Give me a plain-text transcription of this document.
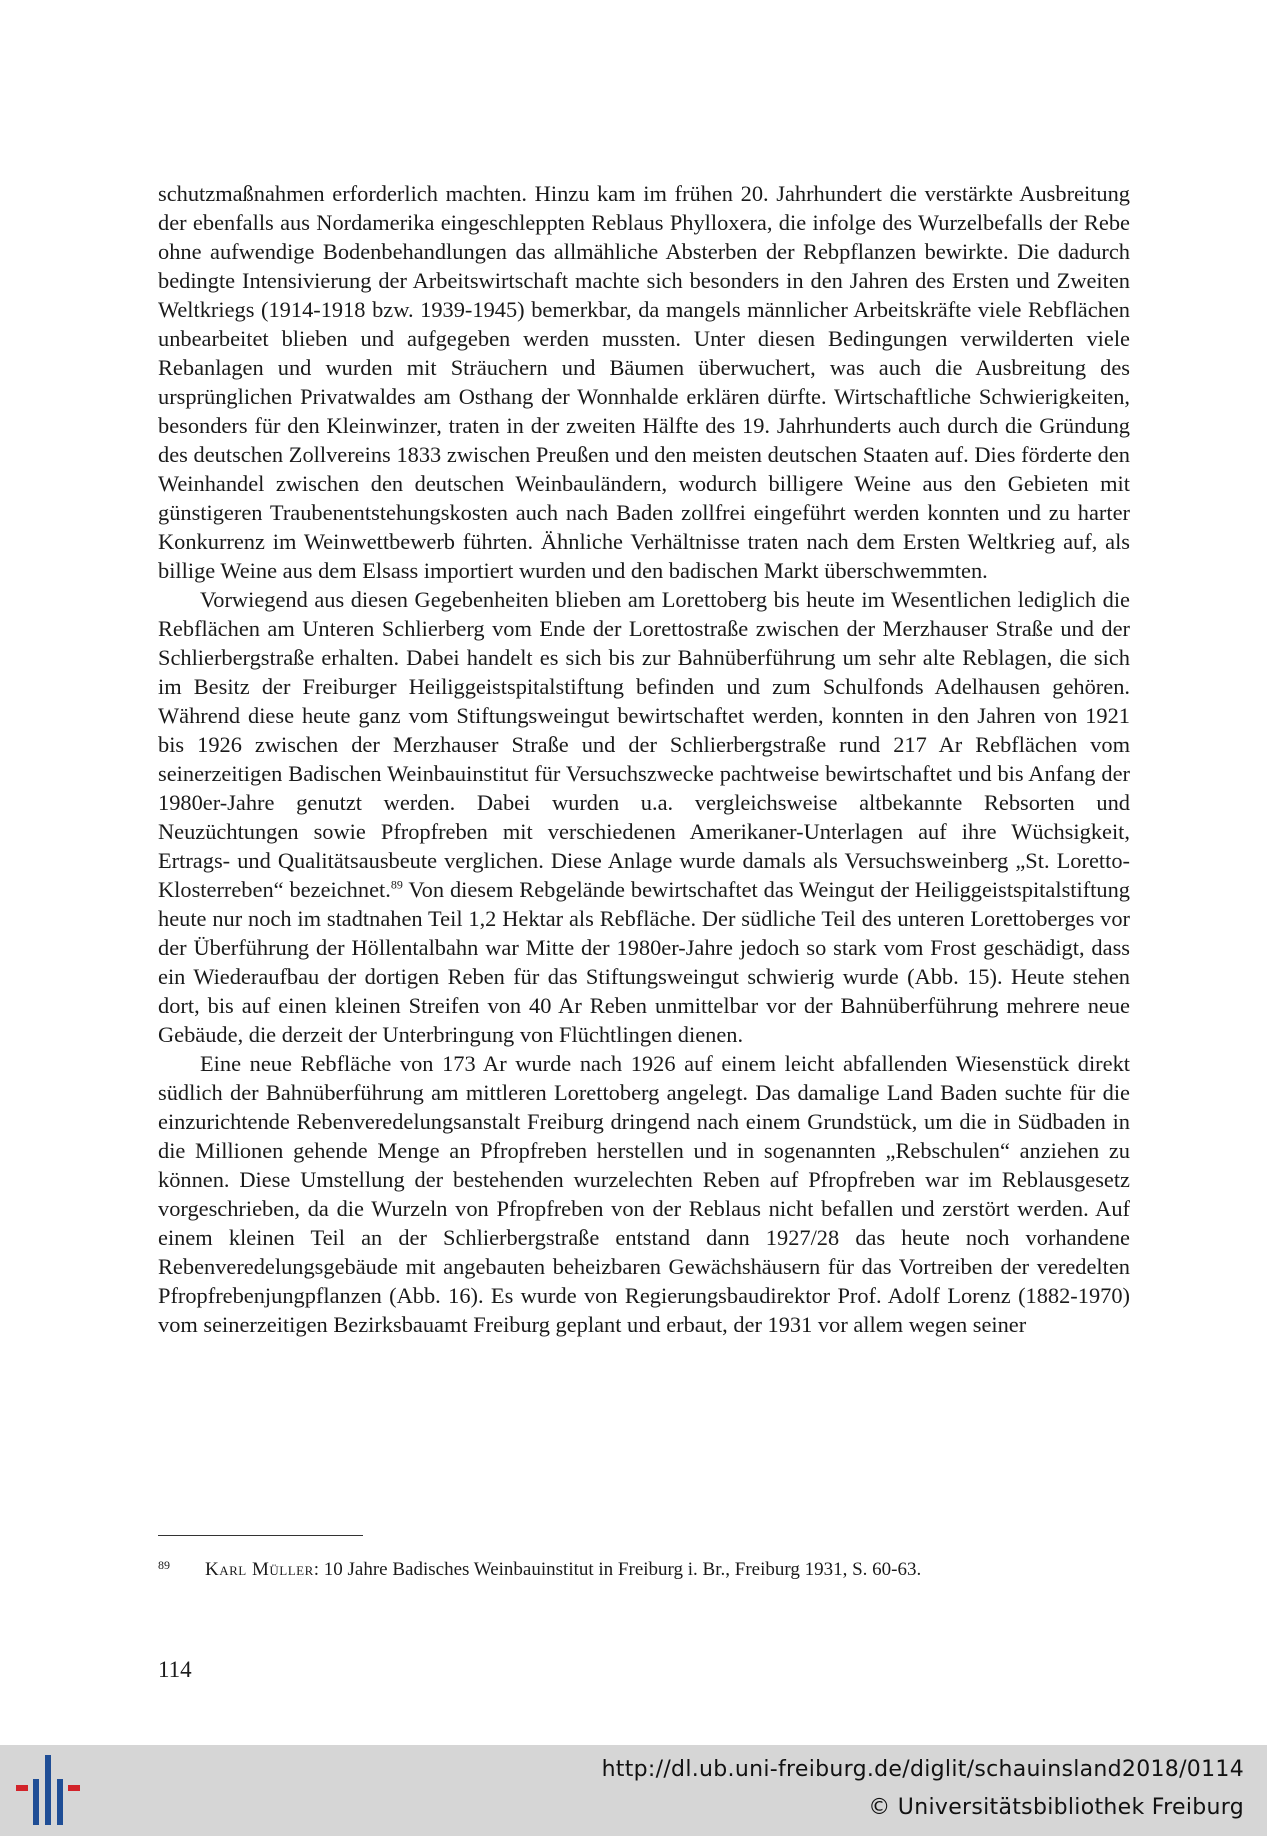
schutzmaßnahmen erforderlich machten. Hinzu kam im frühen 20. Jahrhundert die verstärkte Ausbreitung der ebenfalls aus Nordamerika eingeschleppten Reblaus Phylloxera, die infolge des Wurzelbefalls der Rebe ohne aufwendige Bodenbehandlungen das allmähliche Absterben der Rebpflanzen bewirkte. Die dadurch bedingte Intensivierung der Arbeitswirtschaft machte sich besonders in den Jahren des Ersten und Zweiten Weltkriegs (1914-1918 bzw. 1939-1945) bemerkbar, da mangels männlicher Arbeitskräfte viele Rebflächen unbearbeitet blieben und aufgegeben werden mussten. Unter diesen Bedingungen verwilderten viele Rebanlagen und wurden mit Sträuchern und Bäumen überwuchert, was auch die Ausbreitung des ursprünglichen Privatwaldes am Osthang der Wonnhalde erklären dürfte. Wirtschaftliche Schwierigkeiten, besonders für den Kleinwinzer, traten in der zweiten Hälfte des 19. Jahrhunderts auch durch die Gründung des deutschen Zollvereins 1833 zwischen Preußen und den meisten deutschen Staaten auf. Dies förderte den Weinhandel zwischen den deutschen Weinbauländern, wodurch billigere Weine aus den Gebieten mit günstigeren Traubenentstehungskosten auch nach Baden zollfrei eingeführt werden konnten und zu harter Konkurrenz im Weinwettbewerb führten. Ähnliche Verhältnisse traten nach dem Ersten Weltkrieg auf, als billige Weine aus dem Elsass importiert wurden und den badischen Markt überschwemmten.

Vorwiegend aus diesen Gegebenheiten blieben am Lorettoberg bis heute im Wesentlichen lediglich die Rebflächen am Unteren Schlierberg vom Ende der Lorettostraße zwischen der Merzhauser Straße und der Schlierbergstraße erhalten. Dabei handelt es sich bis zur Bahnüberführung um sehr alte Reblagen, die sich im Besitz der Freiburger Heiliggeistspitalstiftung befinden und zum Schulfonds Adelhausen gehören. Während diese heute ganz vom Stiftungsweingut bewirtschaftet werden, konnten in den Jahren von 1921 bis 1926 zwischen der Merzhauser Straße und der Schlierbergstraße rund 217 Ar Rebflächen vom seinerzeitigen Badischen Weinbauinstitut für Versuchszwecke pachtweise bewirtschaftet und bis Anfang der 1980er-Jahre genutzt werden. Dabei wurden u.a. vergleichsweise altbekannte Rebsorten und Neuzüchtungen sowie Pfropfreben mit verschiedenen Amerikaner-Unterlagen auf ihre Wüchsigkeit, Ertrags- und Qualitätsausbeute verglichen. Diese Anlage wurde damals als Versuchsweinberg „St. Loretto-Klosterreben“ bezeichnet.$^{89}$ Von diesem Rebgelände bewirtschaftet das Weingut der Heiliggeistspitalstiftung heute nur noch im stadtnahen Teil 1,2 Hektar als Rebfläche. Der südliche Teil des unteren Lorettoberges vor der Überführung der Höllentalbahn war Mitte der 1980er-Jahre jedoch so stark vom Frost geschädigt, dass ein Wiederaufbau der dortigen Reben für das Stiftungsweingut schwierig wurde (Abb. 15). Heute stehen dort, bis auf einen kleinen Streifen von 40 Ar Reben unmittelbar vor der Bahnüberführung mehrere neue Gebäude, die derzeit der Unterbringung von Flüchtlingen dienen.

Eine neue Rebfläche von 173 Ar wurde nach 1926 auf einem leicht abfallenden Wiesenstück direkt südlich der Bahnüberführung am mittleren Lorettoberg angelegt. Das damalige Land Baden suchte für die einzurichtende Rebenveredelungsanstalt Freiburg dringend nach einem Grundstück, um die in Südbaden in die Millionen gehende Menge an Pfropfreben herstellen und in sogenannten „Rebschulen“ anziehen zu können. Diese Umstellung der bestehenden wurzelechten Reben auf Pfropfreben war im Reblausgesetz vorgeschrieben, da die Wurzeln von Pfropfreben von der Reblaus nicht befallen und zerstört werden. Auf einem kleinen Teil an der Schlierbergstraße entstand dann 1927/28 das heute noch vorhandene Rebenveredelungsgebäude mit angebauten beheizbaren Gewächshäusern für das Vortreiben der veredelten Pfropfrebenjungpflanzen (Abb. 16). Es wurde von Regierungsbaudirektor Prof. Adolf Lorenz (1882-1970) vom seinerzeitigen Bezirksbauamt Freiburg geplant und erbaut, der 1931 vor allem wegen seiner

89 Karl Müller: 10 Jahre Badisches Weinbauinstitut in Freiburg i. Br., Freiburg 1931, S. 60-63.
114
http://dl.ub.uni-freiburg.de/diglit/schauinsland2018/0114
© Universitätsbibliothek Freiburg
